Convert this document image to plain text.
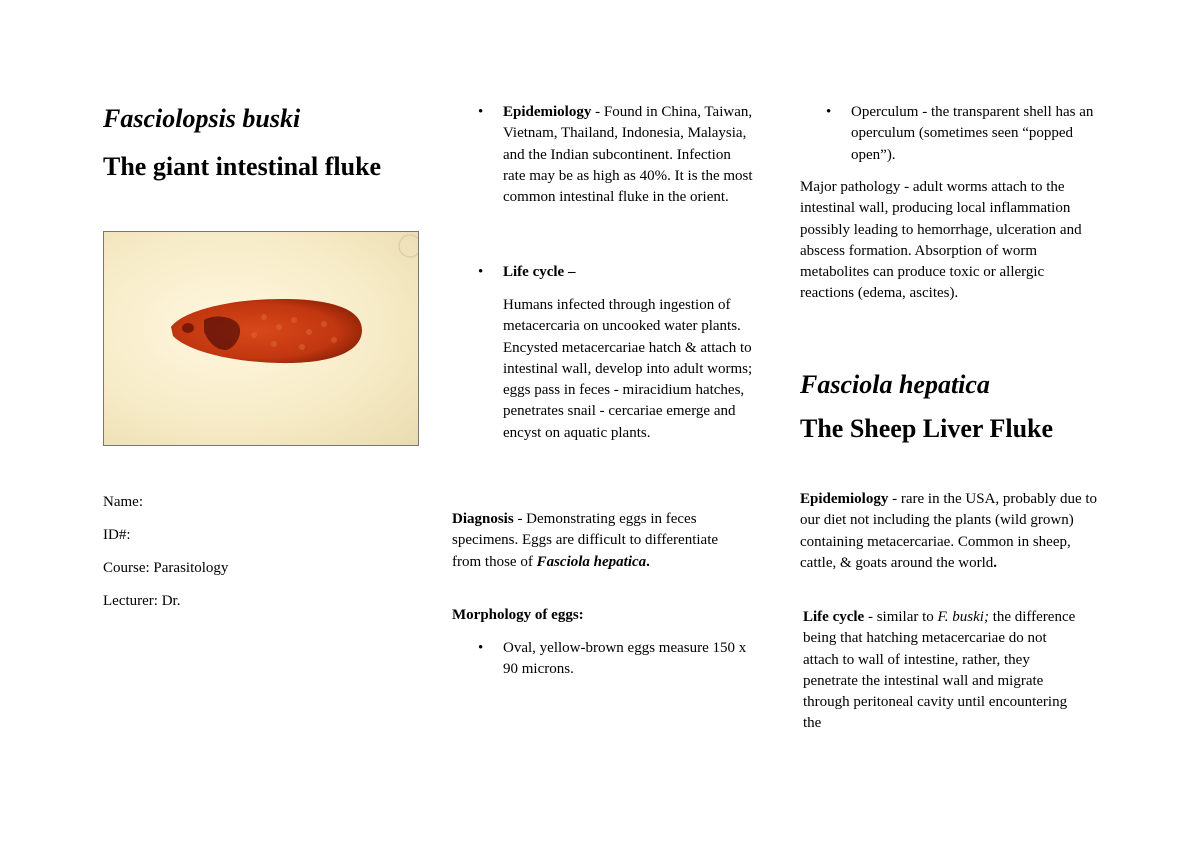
Fasciolopsis buski
The giant intestinal fluke

Name:

ID#:

Course: Parasitology

Lecturer: Dr.

• Epidemiology - Found in China, Taiwan, Vietnam, Thailand, Indonesia, Malaysia, and the Indian subcontinent. Infection rate may be as high as 40%. It is the most common intestinal fluke in the orient.

• Life cycle –

Humans infected through ingestion of metacercaria on uncooked water plants. Encysted metacercariae hatch & attach to intestinal wall, develop into adult worms; eggs pass in feces - miracidium hatches, penetrates snail - cercariae emerge and encyst on aquatic plants.

Diagnosis - Demonstrating eggs in feces specimens. Eggs are difficult to differentiate from those of Fasciola hepatica.

Morphology of eggs:

• Oval, yellow-brown eggs measure 150 x 90 microns.

• Operculum - the transparent shell has an operculum (sometimes seen “popped open”).

Major pathology - adult worms attach to the intestinal wall, producing local inflammation possibly leading to hemorrhage, ulceration and abscess formation. Absorption of worm metabolites can produce toxic or allergic reactions (edema, ascites).

Fasciola hepatica
The Sheep Liver Fluke

Epidemiology - rare in the USA, probably due to our diet not including the plants (wild grown) containing metacercariae. Common in sheep, cattle, & goats around the world.

Life cycle - similar to F. buski; the difference being that hatching metacercariae do not attach to wall of intestine, rather, they penetrate the intestinal wall and migrate through peritoneal cavity until encountering the
